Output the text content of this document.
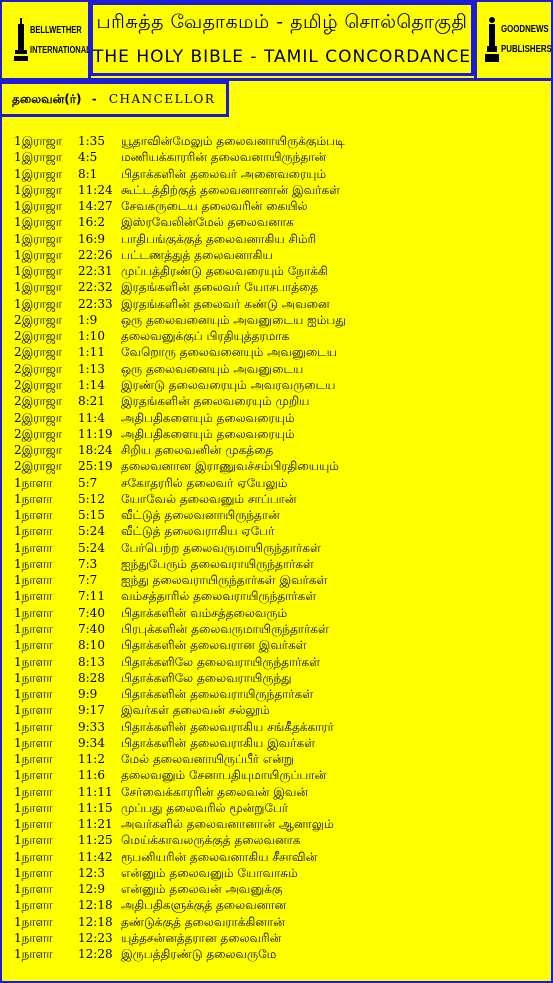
BELLWETHER
INTERNATIONAL
பரிசுத்த வேதாகமம் - தமிழ் சொல்தொகுதி
THE HOLY BIBLE - TAMIL CONCORDANCE
GOODNEWS
PUBLISHERS
தலைவன்(ர்) - CHANCELLOR
1இராஜா	1:35	யூதாவின்மேலும் தலைவனாயிருக்கும்படி
1இராஜா	4:5	மணியக்காரரின் தலைவனாயிருந்தான்
1இராஜா	8:1	பிதாக்களின் தலைவர் அனைவரையும்
1இராஜா	11:24 கூட்டத்திற்குத் தலைவனானான் இவர்கள்
1இராஜா	14:27 சேவகருடைய தலைவரின் கையில்
1இராஜா	16:2	இஸ்ரவேலின்மேல் தலைவனாக
1இராஜா	16:9	பாதிபங்குக்குத் தலைவனாகிய சிம்ரி
1இராஜா	22:26 பட்டணத்துத் தலைவனாகிய
1இராஜா	22:31 முப்பத்திரண்டு தலைவரையும் நோக்கி
1இராஜா	22:32 இரதங்களின் தலைவர் யோசபாத்தை
1இராஜா	22:33 இரதங்களின் தலைவர் கண்டு அவனை
2இராஜா	1:9	ஒரு தலைவனையும் அவனுடைய ஐம்பது
2இராஜா	1:10	தலைவனுக்குப் பிரதியுத்தரமாக
2இராஜா	1:11	வேறொரு தலைவனையும் அவனுடைய
2இராஜா	1:13	ஒரு தலைவனையும் அவனுடைய
2இராஜா	1:14	இரண்டு தலைவரையும் அவரவருடைய
2இராஜா	8:21	இரதங்களின் தலைவரையும் முறிய
2இராஜா	11:4	அதிபதிகளையும் தலைவரையும்
2இராஜா	11:19 அதிபதிகளையும் தலைவரையும்
2இராஜா	18:24 சிறிய தலைவனின் முகத்தை
2இராஜா	25:19 தலைவனான இராணுவச்சம்பிரதியையும்
1நாளா	5:7	சகோதரரில் தலைவர் ஏயேலும்
1நாளா	5:12	யோவேல் தலைவனும் சாப்பான்
1நாளா	5:15	வீட்டுத் தலைவனாயிருந்தான்
1நாளா	5:24	வீட்டுத் தலைவராகிய ஏபேர்
1நாளா	5:24	பேர்பெற்ற தலைவருமாயிருந்தார்கள்
1நாளா	7:3	ஐந்துபேரும் தலைவராயிருந்தார்கள்
1நாளா	7:7	ஐந்து தலைவராயிருந்தார்கள் இவர்கள்
1நாளா	7:11	வம்சத்தாரில் தலைவராயிருந்தார்கள்
1நாளா	7:40	பிதாக்களின் வம்சத்தலைவரும்
1நாளா	7:40	பிரபுக்களின் தலைவருமாயிருந்தார்கள்
1நாளா	8:10	பிதாக்களின் தலைவரான இவர்கள்
1நாளா	8:13	பிதாக்களிலே தலைவராயிருந்தார்கள்
1நாளா	8:28	பிதாக்களிலே தலைவராயிருந்து
1நாளா	9:9	பிதாக்களின் தலைவராயிருந்தார்கள்
1நாளா	9:17	இவர்கள் தலைவன் சல்லூம்
1நாளா	9:33	பிதாக்களின் தலைவராகிய சங்கீதக்காரர்
1நாளா	9:34	பிதாக்களின் தலைவராகிய இவர்கள்
1நாளா	11:2	மேல் தலைவனாயிருப்பீர் என்று
1நாளா	11:6	தலைவனும் சேனாபதியுமாயிருப்பான்
1நாளா	11:11 சேர்வைக்காரரின் தலைவன் இவன்
1நாளா	11:15 முப்பது தலைவரில் மூன்றுபேர்
1நாளா	11:21 அவர்களில் தலைவனானான் ஆனாலும்
1நாளா	11:25 மெய்க்காவலருக்குத் தலைவனாக
1நாளா	11:42 ரூபனியரின் தலைவனாகிய சீசாவின்
1நாளா	12:3	என்னும் தலைவனும் யோவாசும்
1நாளா	12:9	என்னும் தலைவன் அவனுக்கு
1நாளா	12:18 அதிபதிகளுக்குத் தலைவனான
1நாளா	12:18 தண்டுக்குத் தலைவராக்கினான்
1நாளா	12:23 யுத்தசன்னத்தரான தலைவரின்
1நாளா	12:28 இருபத்திரண்டு தலைவருமே
